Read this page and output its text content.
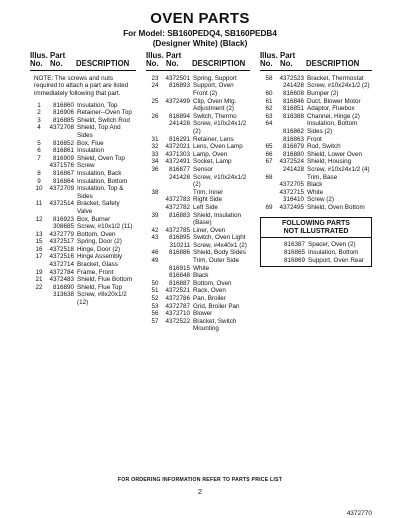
OVEN PARTS
For Model: SB160PEDQ4, SB160PEDB4
(Designer White) (Black)
Illus.
No.
Part
No.	DESCRIPTION
NOTE: The screws and nuts required to attach a part are listed immediately following that part.
1	816860 Insulation, Top
2	816906 Retainer--Oven Top
3	816885 Shield, Switch Rod
4	4372708 Shield, Top And Sides
5	816852 Box, Flue
6	816861 Insulation
7	816909 Shield, Oven Top
4371576 Screw
8	816867 Insulation, Back
9	816864 Insulation, Bottom
10	4372709 Insulation, Top & Sides
11	4372514 Bracket, Safety Valve
12	816923 Box, Burner
308685 Screw, #10x1/2 (11)
13	4372779 Bottom, Oven
15	4372517 Spring, Door (2)
16	4372518 Hinge, Door (2)
17	4372516 Hinge Assembly
4372714 Bracket, Glass
19	4372784 Frame, Front
21	4372483 Shield, Flue Bottom
22	816890 Shield, Flue Top
313638 Screw, #8x20x1/2 (12)
Illus.
No.
Part
No.	DESCRIPTION
23	4372501 Spring, Support
24	816893 Support, Oven Front (2)
25	4372499 Clip, Oven Mtg. Adjustment (2)
26	816894 Switch, Thermo
241428 Screw, #10x24x1/2 (2)
31	816291 Retainer, Lens
32	4372021 Lens, Oven Lamp
33	4371303 Lamp, Oven
34	4372491 Socket, Lamp
36	816877 Sensor
241428 Screw, #10x24x1/2 (2)
38	Trim, Inner
4372783 Right Side
4372782 Left Side
39	816883 Shield, Insulation (Base)
42	4372785 Liner, Oven
43	816895 Switch, Oven Light
310211 Screw, #4x40x1 (2)
46	816886 Shield, Body Sides
49	Trim, Outer Side
816915 White
816848 Black
50	816887 Bottom, Oven
51	4372521 Rack, Oven
52	4372786 Pan, Broiler
53	4372787 Grid, Broiler Pan
56	4372710 Blower
57	4372522 Bracket, Switch Mounting
Illus.
No.
Part
No.	DESCRIPTION
58	4372523 Bracket, Thermostat
241428 Screw, #10x24x1/2 (2)
60	816608 Bumper (2)
61	816846 Duct, Blower Motor
62	816851 Adaptor, Fluebox
63	816388 Channel, Hinge (2)
64	Insulation, Bottom
816862 Sides (2)
816863 Front
65	816879 Rod, Switch
66	816880 Shield, Lower Oven
67	4372524 Shield, Housing
241428 Screw, #10x24x1/2 (4)
68	Trim, Base
4372705 Black
4372715 White
316410 Screw (2)
69	4372495 Shield, Oven Bottom
FOLLOWING PARTS
NOT ILLUSTRATED
816387 Spacer, Oven (2)
816865 Insulation, Bottom
816869 Support, Oven Rear
FOR ORDERING INFORMATION REFER TO PARTS PRICE LIST
2
4372770
